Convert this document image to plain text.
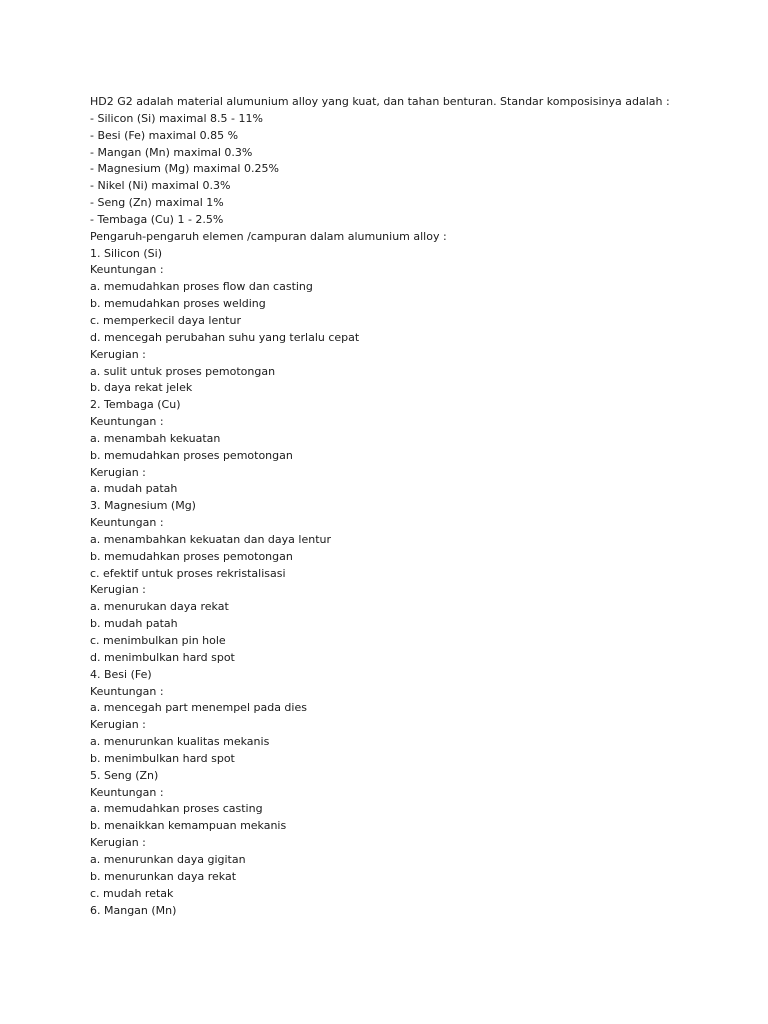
HD2 G2 adalah material alumunium alloy yang kuat, dan tahan benturan. Standar komposisinya adalah :
- Silicon (Si) maximal 8.5 - 11%
- Besi (Fe) maximal 0.85 %
- Mangan (Mn) maximal 0.3%
- Magnesium (Mg) maximal 0.25%
- Nikel (Ni) maximal 0.3%
- Seng (Zn) maximal 1%
- Tembaga (Cu) 1 - 2.5%
Pengaruh-pengaruh elemen /campuran dalam alumunium alloy :
1. Silicon (Si)
Keuntungan :
a. memudahkan proses flow dan casting
b. memudahkan proses welding
c. memperkecil daya lentur
d. mencegah perubahan suhu yang terlalu cepat
Kerugian :
a. sulit untuk proses pemotongan
b. daya rekat jelek
2. Tembaga (Cu)
Keuntungan :
a. menambah kekuatan
b. memudahkan proses pemotongan
Kerugian :
a. mudah patah
3. Magnesium (Mg)
Keuntungan :
a. menambahkan kekuatan dan daya lentur
b. memudahkan proses pemotongan
c. efektif untuk proses rekristalisasi
Kerugian :
a. menurukan daya rekat
b. mudah patah
c. menimbulkan pin hole
d. menimbulkan hard spot
4. Besi (Fe)
Keuntungan :
a. mencegah part menempel pada dies
Kerugian :
a. menurunkan kualitas mekanis
b. menimbulkan hard spot
5. Seng (Zn)
Keuntungan :
a. memudahkan proses casting
b. menaikkan kemampuan mekanis
Kerugian :
a. menurunkan daya gigitan
b. menurunkan daya rekat
c. mudah retak
6. Mangan (Mn)
